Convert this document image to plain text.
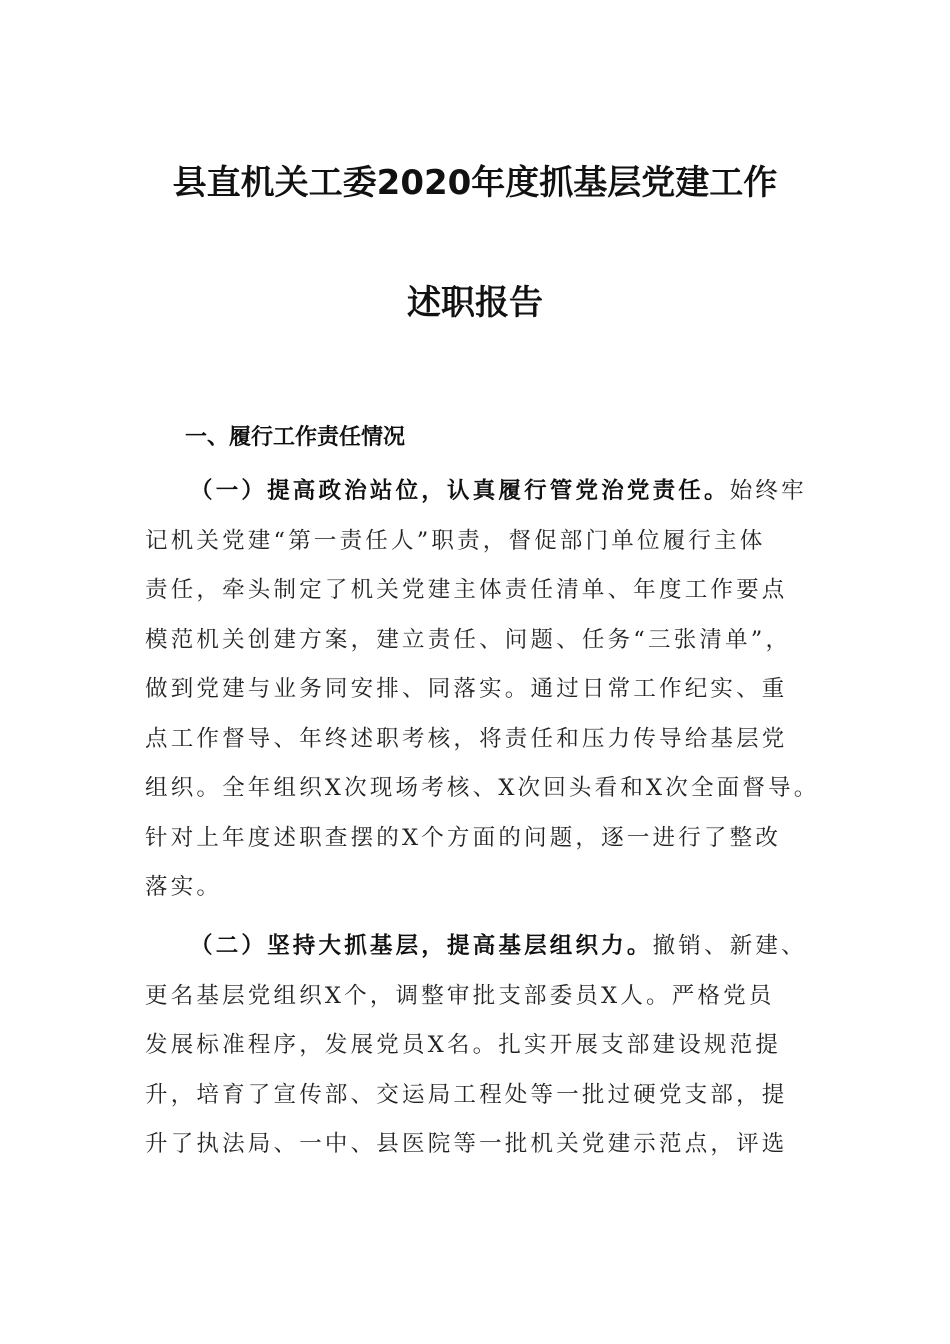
县直机关工委2020年度抓基层党建工作
述职报告
一、履行工作责任情况
（一）提高政治站位，认真履行管党治党责任。始终牢
记机关党建“第一责任人”职责，督促部门单位履行主体
责任，牵头制定了机关党建主体责任清单、年度工作要点
模范机关创建方案，建立责任、问题、任务“三张清单”，
做到党建与业务同安排、同落实。通过日常工作纪实、重
点工作督导、年终述职考核，将责任和压力传导给基层党
组织。全年组织X次现场考核、X次回头看和X次全面督导。
针对上年度述职查摆的X个方面的问题，逐一进行了整改
落实。
（二）坚持大抓基层，提高基层组织力。撤销、新建、
更名基层党组织X个，调整审批支部委员X人。严格党员
发展标准程序，发展党员X名。扎实开展支部建设规范提
升，培育了宣传部、交运局工程处等一批过硬党支部，提
升了执法局、一中、县医院等一批机关党建示范点，评选
